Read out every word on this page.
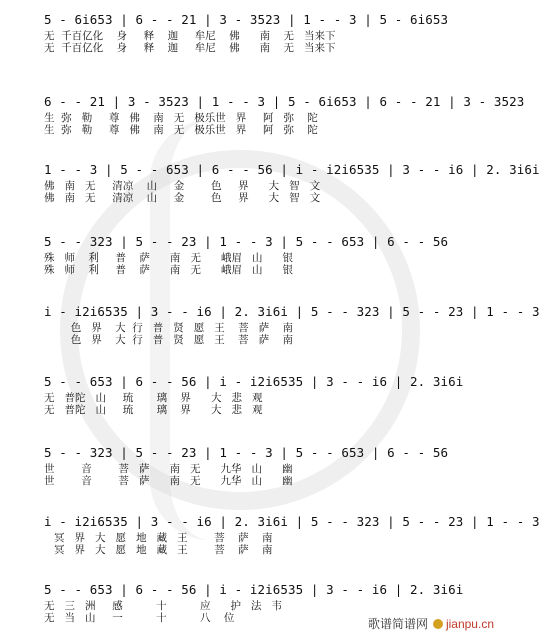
5 - 6i653 | 6 - - 21 | 3 - 3523 | 1 - - 3 | 5 - 6i653
无  千百亿化    身     释    迦     牟尼    佛      南    无   当来下
无  千百亿化    身     释    迦     牟尼    佛      南    无   当来下
6 - - 21 | 3 - 3523 | 1 - - 3 | 5 - 6i653 | 6 - - 21 | 3 - 3523
生  弥   勒     尊   佛    南   无   极乐世   界     阿   弥    陀
生  弥   勒     尊   佛    南   无   极乐世   界     阿   弥    陀
1 - - 3 | 5 - - 653 | 6 - - 56 | i - i2i6535 | 3 - - i6 | 2. 3i6i
佛   南   无     清凉    山     金        色     界      大   智   文
佛   南   无     清凉    山     金        色     界      大   智   文
5 - - 323 | 5 - - 23 | 1 - - 3 | 5 - - 653 | 6 - - 56
殊   师    利     普    萨      南   无      峨眉   山      银
殊   师    利     普    萨      南   无      峨眉   山      银
i - i2i6535 | 3 - - i6 | 2. 3i6i | 5 - - 323 | 5 - - 23 | 1 - - 3
色   界    大  行   普   贤   愿   王    菩   萨    南
色   界    大  行   普   贤   愿   王    菩   萨    南
5 - - 653 | 6 - - 56 | i - i2i6535 | 3 - - i6 | 2. 3i6i
无   普陀   山     琉       璃    界      大   悲   观
无   普陀   山     琉       璃    界      大   悲   观
5 - - 323 | 5 - - 23 | 1 - - 3 | 5 - - 653 | 6 - - 56
世        音        菩   萨      南   无      九华   山      幽
世        音        菩   萨      南   无      九华   山      幽
i - i2i6535 | 3 - - i6 | 2. 3i6i | 5 - - 323 | 5 - - 23 | 1 - - 3
冥   界   大   愿   地   藏   王        菩    萨    南
冥   界   大   愿   地   藏   王        菩    萨    南
5 - - 653 | 6 - - 56 | i - i2i6535 | 3 - - i6 | 2. 3i6i
无   三   洲     感          十          应      护   法   韦
无   当   山     一          十          八    位	歌谱简谱网 jianpu.cn
